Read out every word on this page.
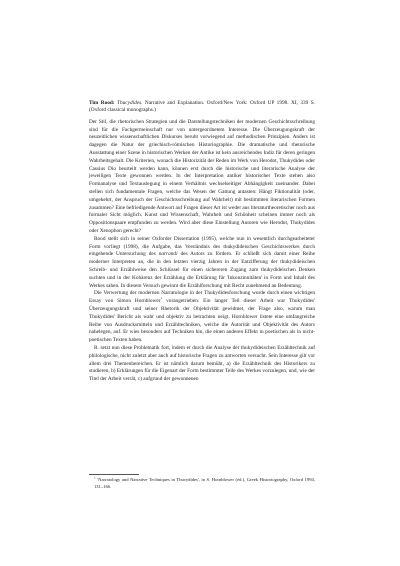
Tim Rood: Thucydides. Narrative and Explanation. Oxford/New York: Oxford UP 1998. XI, 339 S. (Oxford classical monographs.)

Der Stil, die rhetorischen Strategien und die Darstellungstechniken der modernen Geschichtsschreibung sind für die Fachgermeinschaft nur von untergeordnetem Interesse. Die Überzeugungskraft der neuzeitlichen wissenschaftlichen Diskurses beruht vorwiegend auf methodischen Prinzipien. Anders ist dagegen die Natur der griechisch-römischen Historiographie. Die dramatische und rhetorische Ausstattung einer Szene in historischen Werken der Antike ist kein ausreichendes Indiz für deren geringen Wahrheitsgehalt. Die Kriterien, wonach die Historizität der Reden im Werk von Herodot, Thukydides oder Cassius Dio beurteilt werden kann, können erst durch die historische und literarische Analyse der jeweiligen Texte gewonnen werden. In der Interpretation antiker historischer Texte stehen also Formanalyse und Textauslegung in einem Verhältnis wechselseitiger Abhängigkeit zueinander. Dabei stellen sich fundamentale Fragen, welche das Wesen der Gattung antasten: Hängt Fiktionalität (oder, umgekehrt, der Anspruch der Geschichtsschreibung auf Wahrheit) mit bestimmten literarischen Formen zusammen? Eine befriedigende Antwort auf Fragen dieser Art ist weder aus literaturtheoretischer noch aus formaler Sicht möglich. Kunst und Wissenschaft, Wahrheit und Schönheit scheinen immer noch als Oppositionspaare empfunden zu werden. Wird aber diese Einstellung Autoren wie Herodot, Thukydides oder Xenophon gerecht?

Rood stellt sich in seiner Oxforder Dissertation (1995), welche nun in wesentlich durchgearbeiteter Form vorliegt (1998), die Aufgabe, das Verständnis des thukydideischen Geschichtswerkes durch eingehende Untersuchung des narrandi des Autors zu fördern. Er schließt sich damit einer Reihe moderner Interpreten an, die in den letzten vierzig Jahren in der Entzifferung der thukydideischen Schreib- und Erzählweise den Schlüssel für einen sichereren Zugang zum thukydideischen Denken suchten und in der Kohärenz der Erzählung die Erklärung für 'Inkonzinnitäten' in Form und Inhalt des Werkes sahen. In diesem Versuch gewinnt die Erzählforschung mit Recht zunehmend an Bedeutung.

Die Verwertung der modernen Narratologie in der Thukydidesforschung wurde durch einen wichtigen Essay von Simon Hornblower$^1$ vorangetrieben. Ein langer Teil dieser Arbeit war Thukydides' Überzeugungskraft und seiner Rhetorik der Objektivität gewidmet, der Frage also, warum man Thukydides' Bericht als wahr und objektiv zu betrachten neigt. Hornblower listete eine umfangreiche Reihe von Ausdrucksmitteln und Erzähltechniken, welche die Autorität und Objektivität des Autors nahelegen, auf. Er wies besonders auf Techniken hin, die einen anderen Effekt in poetischen als in nicht-poetischen Texten haben.

R. setzt nun diese Problematik fort, indem er durch die Analyse der thukydideischen Erzähltechnik auf philologische, nicht zuletzt aber auch auf historische Fragen zu antworten versucht. Sein Interesse gilt vor allem drei Themenbereichen. Er ist nämlich darum bemüht, a) die Erzähltechnik des Historikers zu studieren, b) Erklärungen für die Eigenart der Form bestimmter Teile des Werkes vorzulegen, und, wie der Titel der Arbeit verrät, c) aufgrund der gewonnenen

$^1$ 'Narratology and Narrative Techniques in Thucydides', in S. Hornblower (ed.), Greek Historiography, Oxford 1994, 131–166.
